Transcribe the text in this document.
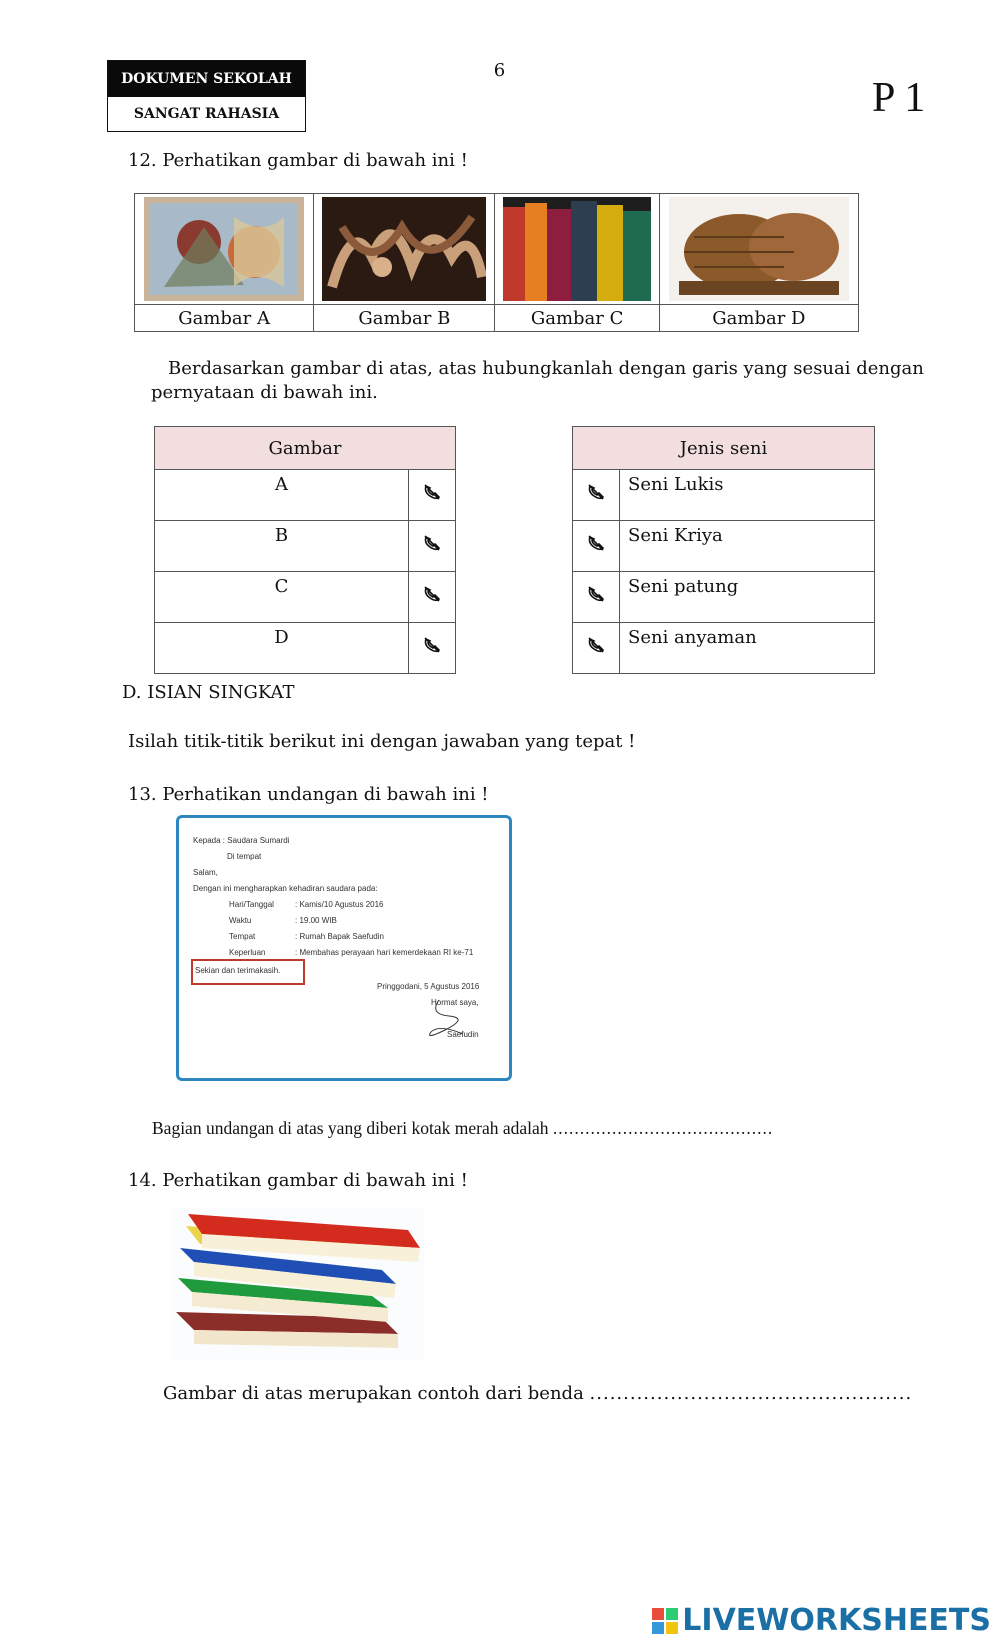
DOKUMEN SEKOLAH
SANGAT RAHASIA
6
P 1
12. Perhatikan gambar di bawah ini !

Gambar A	Gambar B	Gambar C	Gambar D
Berdasarkan gambar di atas, atas hubungkanlah dengan garis yang sesuai dengan pernyataan di bawah ini.
Gambar	
A	
B	
C	
D	
Jenis seni	
	Seni Lukis
	Seni Kriya
	Seni patung
	Seni anyaman
D. ISIAN SINGKAT
Isilah titik-titik berikut ini dengan jawaban yang tepat !
13. Perhatikan undangan di bawah ini !
Kepada : Saudara Sumardi
Di tempat
Salam,
Dengan ini mengharapkan kehadiran saudara pada:
Hari/Tanggal	: Kamis/10 Agustus 2016
Waktu	: 19.00 WIB
Tempat	: Rumah Bapak Saefudin
Keperluan	: Membahas perayaan hari kemerdekaan RI ke-71
Sekian dan terimakasih.
Pringgodani, 5 Agustus 2016
Hormat saya,
Saefudin
Bagian undangan di atas yang diberi kotak merah adalah .........................................
14. Perhatikan gambar di bawah ini !
Gambar di atas merupakan contoh dari benda ................................................
LIVEWORKSHEETS
